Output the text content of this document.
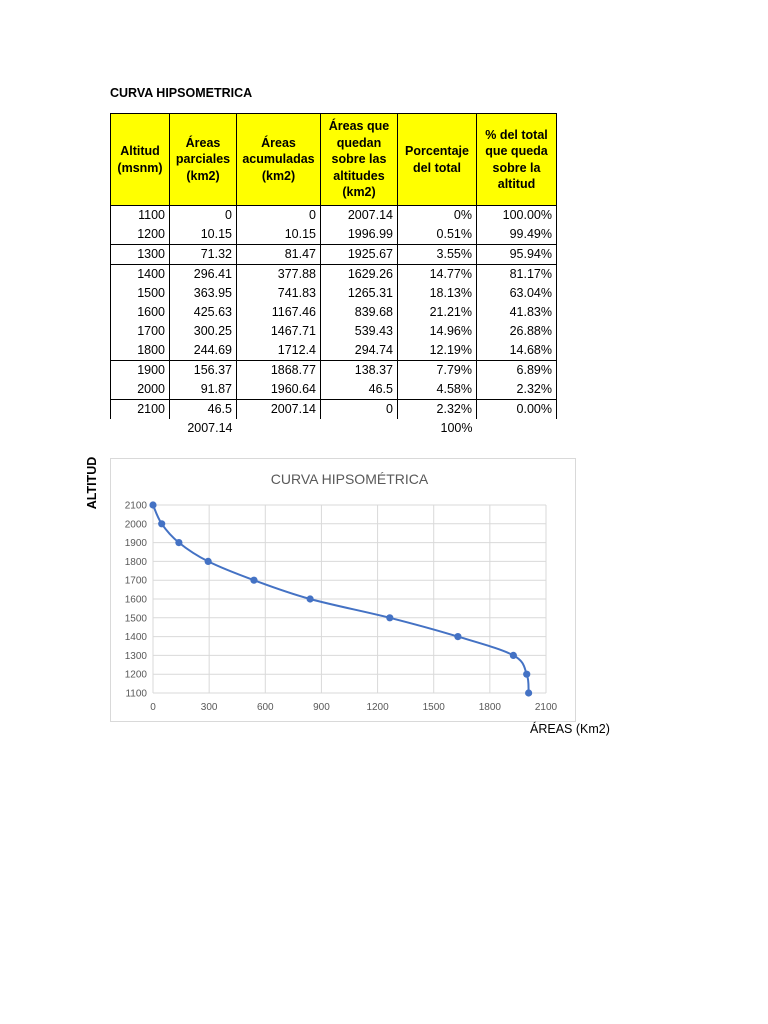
CURVA HIPSOMETRICA
Altitud (msnm)	Áreas parciales (km2)	Áreas acumuladas (km2)	Áreas que quedan sobre las altitudes (km2)	Porcentaje del total	% del total que queda sobre la altitud
1100	0	0	2007.14	0%	100.00%
1200	10.15	10.15	1996.99	0.51%	99.49%
1300	71.32	81.47	1925.67	3.55%	95.94%
1400	296.41	377.88	1629.26	14.77%	81.17%
1500	363.95	741.83	1265.31	18.13%	63.04%
1600	425.63	1167.46	839.68	21.21%	41.83%
1700	300.25	1467.71	539.43	14.96%	26.88%
1800	244.69	1712.4	294.74	12.19%	14.68%
1900	156.37	1868.77	138.37	7.79%	6.89%
2000	91.87	1960.64	46.5	4.58%	2.32%
2100	46.5	2007.14	0	2.32%	0.00%
	2007.14			100%	
ALTITUD	CURVA HIPSOMÉTRICA
1100
1200
1300
1400
1500
1600
1700
1800
1900
2000
2100
0	300	600	900	1200	1500	1800	2100
ÁREAS (Km2)
